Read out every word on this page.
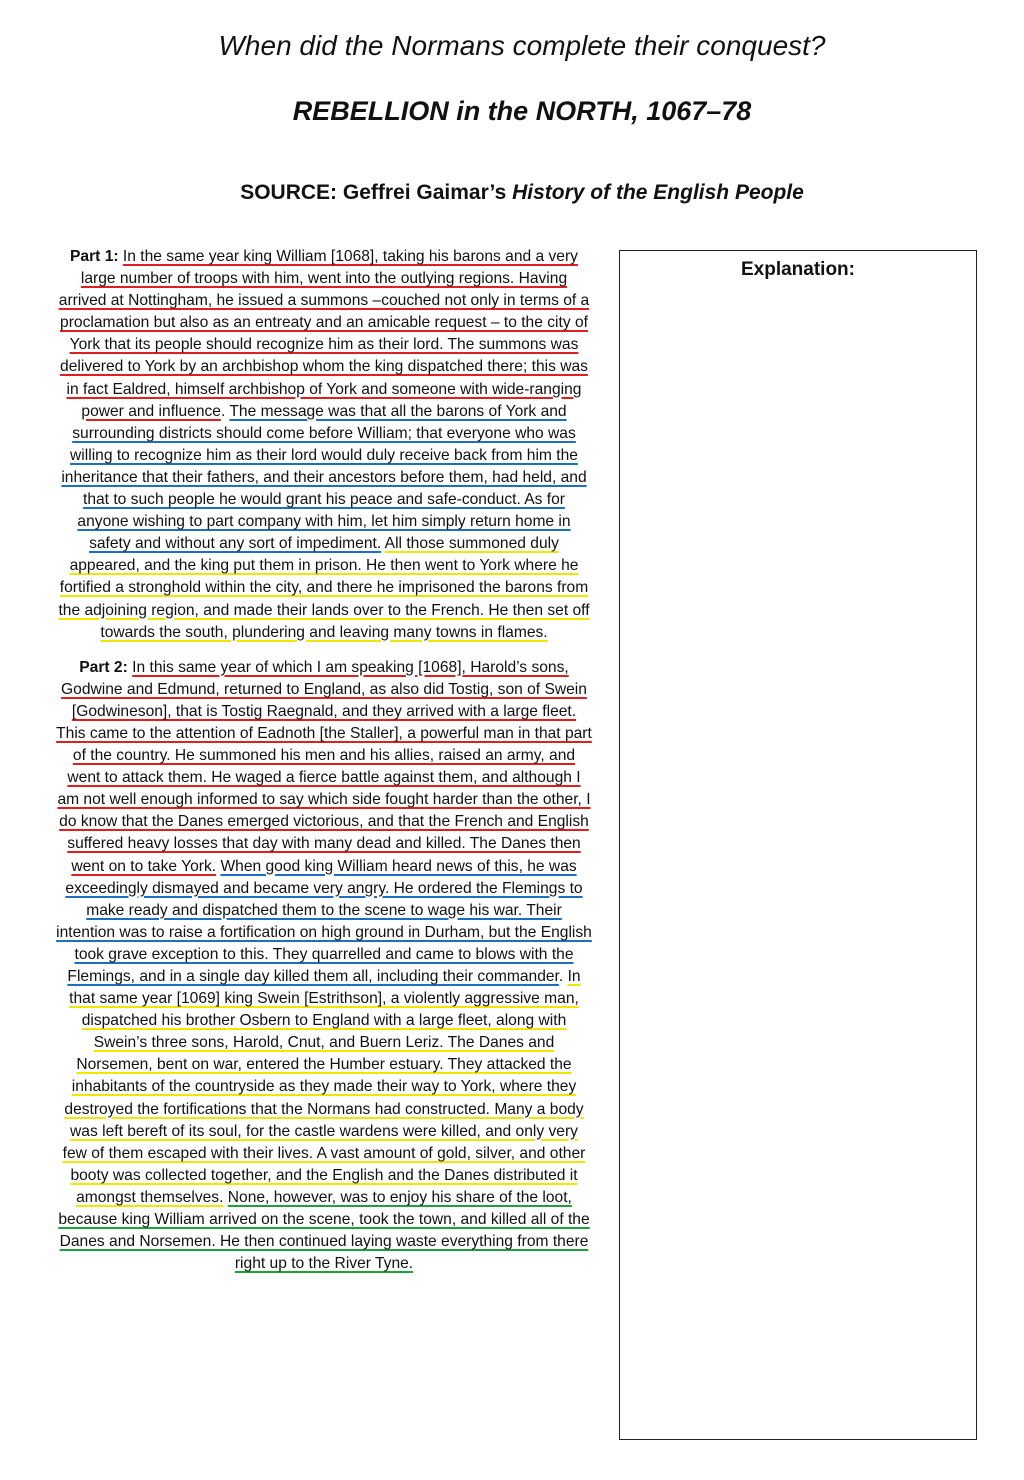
When did the Normans complete their conquest?
REBELLION in the NORTH, 1067–78
SOURCE: Geffrei Gaimar’s History of the English People

Part 1: In the same year king William [1068], taking his barons and a very large number of troops with him, went into the outlying regions. Having arrived at Nottingham, he issued a summons –couched not only in terms of a proclamation but also as an entreaty and an amicable request – to the city of York that its people should recognize him as their lord. The summons was delivered to York by an archbishop whom the king dispatched there; this was in fact Ealdred, himself archbishop of York and someone with wide-ranging power and influence. The message was that all the barons of York and surrounding districts should come before William; that everyone who was willing to recognize him as their lord would duly receive back from him the inheritance that their fathers, and their ancestors before them, had held, and that to such people he would grant his peace and safe-conduct. As for anyone wishing to part company with him, let him simply return home in safety and without any sort of impediment. All those summoned duly appeared, and the king put them in prison. He then went to York where he fortified a stronghold within the city, and there he imprisoned the barons from the adjoining region, and made their lands over to the French. He then set off towards the south, plundering and leaving many towns in flames.

Part 2: In this same year of which I am speaking [1068], Harold’s sons, Godwine and Edmund, returned to England, as also did Tostig, son of Swein [Godwineson], that is Tostig Raegnald, and they arrived with a large fleet. This came to the attention of Eadnoth [the Staller], a powerful man in that part of the country. He summoned his men and his allies, raised an army, and went to attack them. He waged a fierce battle against them, and although I am not well enough informed to say which side fought harder than the other, I do know that the Danes emerged victorious, and that the French and English suffered heavy losses that day with many dead and killed. The Danes then went on to take York. When good king William heard news of this, he was exceedingly dismayed and became very angry. He ordered the Flemings to make ready and dispatched them to the scene to wage his war. Their intention was to raise a fortification on high ground in Durham, but the English took grave exception to this. They quarrelled and came to blows with the Flemings, and in a single day killed them all, including their commander. In that same year [1069] king Swein [Estrithson], a violently aggressive man, dispatched his brother Osbern to England with a large fleet, along with Swein’s three sons, Harold, Cnut, and Buern Leriz. The Danes and Norsemen, bent on war, entered the Humber estuary. They attacked the inhabitants of the countryside as they made their way to York, where they destroyed the fortifications that the Normans had constructed. Many a body was left bereft of its soul, for the castle wardens were killed, and only very few of them escaped with their lives. A vast amount of gold, silver, and other booty was collected together, and the English and the Danes distributed it amongst themselves. None, however, was to enjoy his share of the loot, because king William arrived on the scene, took the town, and killed all of the Danes and Norsemen. He then continued laying waste everything from there right up to the River Tyne.

Explanation:
